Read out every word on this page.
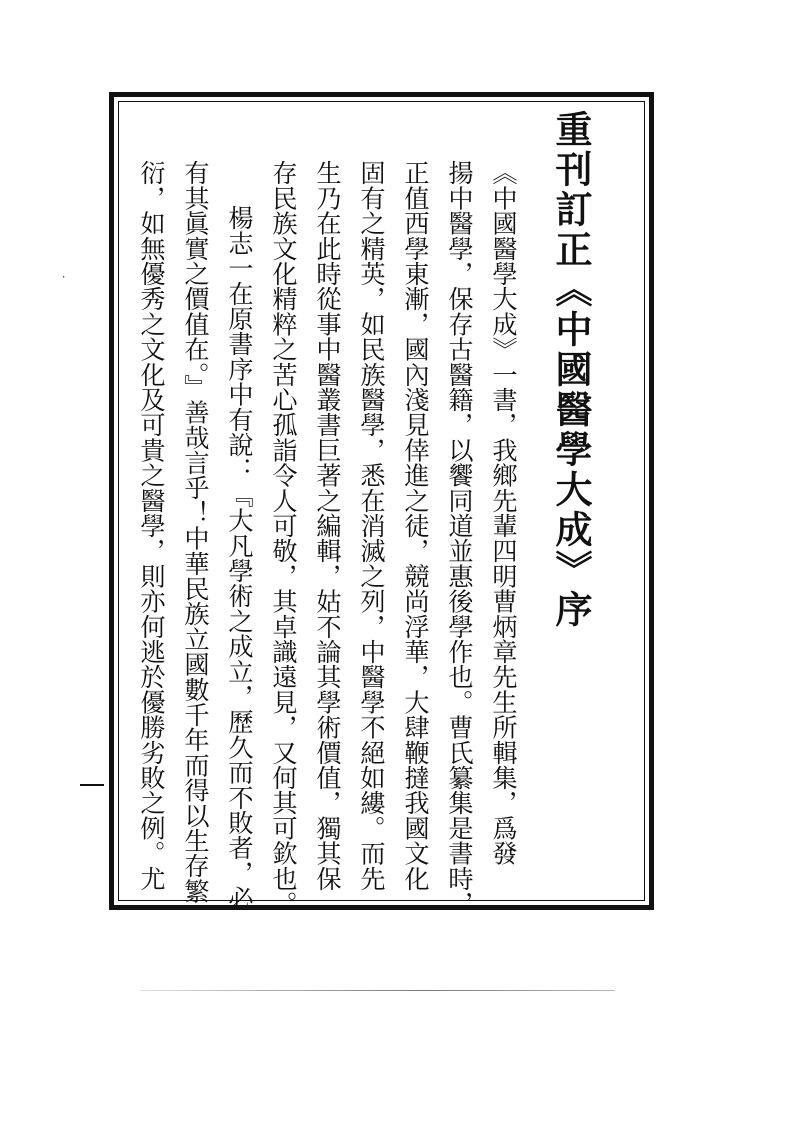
重刊訂正《中國醫學大成》序
《中國醫學大成》一書，我鄉先輩四明曹炳章先生所輯集，爲發
揚中醫學，保存古醫籍，以饗同道並惠後學作也。曹氏纂集是書時，
正值西學東漸，國內淺見倖進之徒，競尚浮華，大肆鞭撻我國文化
固有之精英，如民族醫學，悉在消滅之列，中醫學不絕如縷。而先
生乃在此時從事中醫叢書巨著之編輯，姑不論其學術價值，獨其保
存民族文化精粹之苦心孤詣令人可敬，其卓識遠見，又何其可欽也。
楊志一在原書序中有說：『大凡學術之成立，歷久而不敗者，必
有其眞實之價值在。』善哉言乎！中華民族立國數千年而得以生存繁
衍，如無優秀之文化及可貴之醫學，則亦何逃於優勝劣敗之例。尤
⸳
